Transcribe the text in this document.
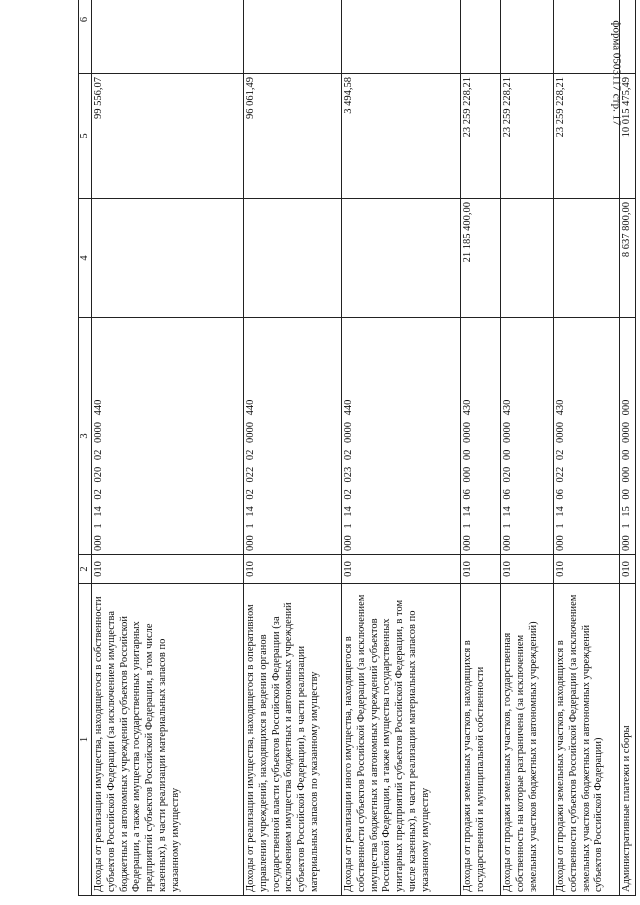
форма 0503117 стр. 17
1	2	3	4	5	6
Доходы от реализации имущества, находящегося в собственности субъектов Российской Федерации (за исключением имущества бюджетных и автономных учреждений субъектов Российской Федерации, а также имущества государственных унитарных предприятий субъектов Российской Федерации, в том числе казенных), в части реализации материальных запасов по указанному имуществу	010	000 1 14 02 020 02 0000 440		99 556,07	
Доходы от реализации имущества, находящегося в оперативном управлении учреждений, находящихся в ведении органов государственной власти субъектов Российской Федерации (за исключением имущества бюджетных и автономных учреждений субъектов Российской Федерации), в части реализации материальных запасов по указанному имуществу	010	000 1 14 02 022 02 0000 440		96 061,49	
Доходы от реализации иного имущества, находящегося в собственности субъектов Российской Федерации (за исключением имущества бюджетных и автономных учреждений субъектов Российской Федерации, а также имущества государственных унитарных предприятий субъектов Российской Федерации, в том числе казенных), в части реализации материальных запасов по указанному имуществу	010	000 1 14 02 023 02 0000 440		3 494,58	
Доходы от продажи земельных участков, находящихся в государственной и муниципальной собственности	010	000 1 14 06 000 00 0000 430	21 185 400,00	23 259 228,21	
Доходы от продажи земельных участков, государственная собственность на которые разграничена (за исключением земельных участков бюджетных и автономных учреждений)	010	000 1 14 06 020 00 0000 430		23 259 228,21	
Доходы от продажи земельных участков, находящихся в собственности субъектов Российской Федерации (за исключением земельных участков бюджетных и автономных учреждений субъектов Российской Федерации)	010	000 1 14 06 022 02 0000 430		23 259 228,21	
Административные платежи и сборы	010	000 1 15 00 000 00 0000 000	8 637 800,00	10 015 475,49	
